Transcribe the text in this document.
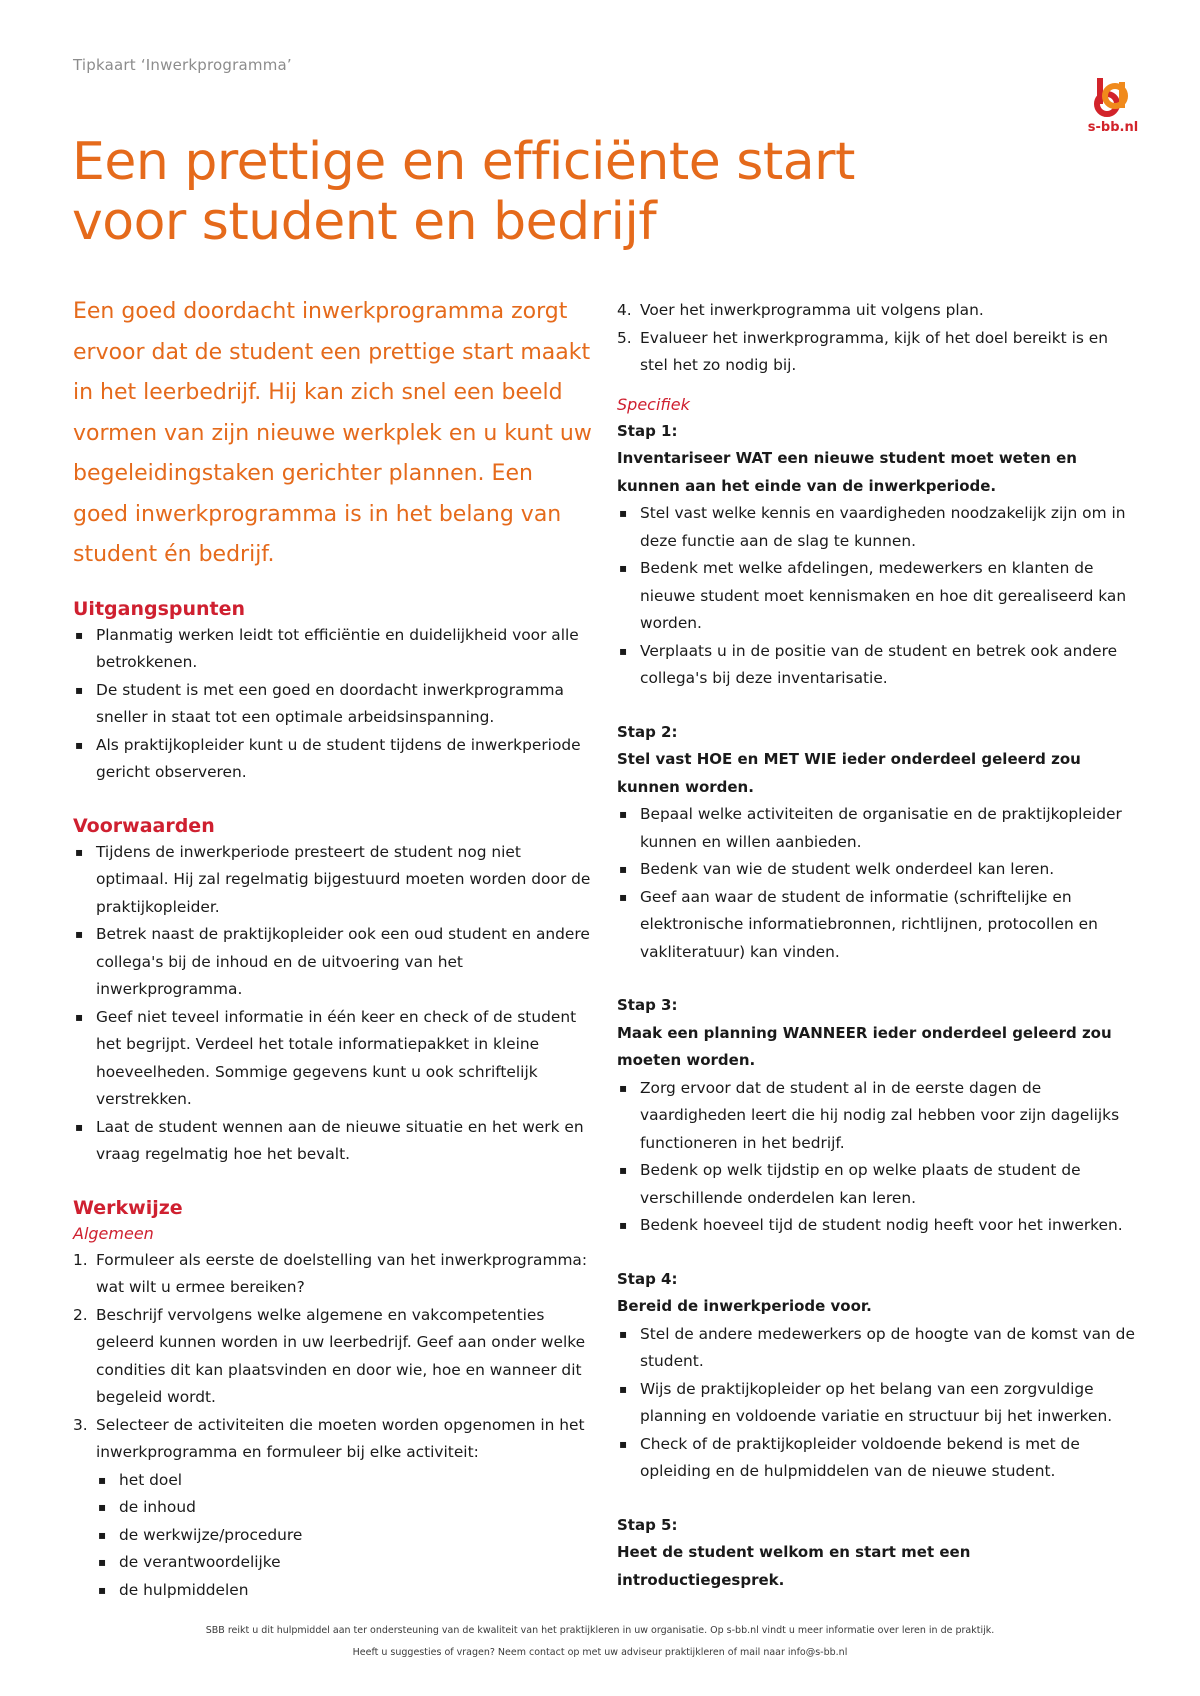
Tipkaart ‘Inwerkprogramma’
s-bb.nl
Een prettige en efficiënte start
voor student en bedrijf

Een goed doordacht inwerkprogramma zorgt ervoor dat de student een prettige start maakt in het leerbedrijf. Hij kan zich snel een beeld vormen van zijn nieuwe werkplek en u kunt uw begeleidingstaken gerichter plannen. Een goed inwerkprogramma is in het belang van student én bedrijf.

Uitgangspunten
▪ Planmatig werken leidt tot efficiëntie en duidelijkheid voor alle betrokkenen.
▪ De student is met een goed en doordacht inwerkprogramma sneller in staat tot een optimale arbeidsinspanning.
▪ Als praktijkopleider kunt u de student tijdens de inwerkperiode gericht observeren.
Voorwaarden
▪ Tijdens de inwerkperiode presteert de student nog niet optimaal. Hij zal regelmatig bijgestuurd moeten worden door de praktijkopleider.
▪ Betrek naast de praktijkopleider ook een oud student en andere collega's bij de inhoud en de uitvoering van het inwerkprogramma.
▪ Geef niet teveel informatie in één keer en check of de student het begrijpt. Verdeel het totale informatiepakket in kleine hoeveelheden. Sommige gegevens kunt u ook schriftelijk verstrekken.
▪ Laat de student wennen aan de nieuwe situatie en het werk en vraag regelmatig hoe het bevalt.
Werkwijze

Algemeen

1. Formuleer als eerste de doelstelling van het inwerkprogramma: wat wilt u ermee bereiken?
2. Beschrijf vervolgens welke algemene en vakcompetenties geleerd kunnen worden in uw leerbedrijf. Geef aan onder welke condities dit kan plaatsvinden en door wie, hoe en wanneer dit begeleid wordt.
3. Selecteer de activiteiten die moeten worden opgenomen in het inwerkprogramma en formuleer bij elke activiteit:
▪ het doel
▪ de inhoud
▪ de werkwijze/procedure
▪ de verantwoordelijke
▪ de hulpmiddelen
4. Voer het inwerkprogramma uit volgens plan.
5. Evalueer het inwerkprogramma, kijk of het doel bereikt is en stel het zo nodig bij.

Specifiek

Stap 1:

Inventariseer WAT een nieuwe student moet weten en kunnen aan het einde van de inwerkperiode.

▪ Stel vast welke kennis en vaardigheden noodzakelijk zijn om in deze functie aan de slag te kunnen.
▪ Bedenk met welke afdelingen, medewerkers en klanten de nieuwe student moet kennismaken en hoe dit gerealiseerd kan worden.
▪ Verplaats u in de positie van de student en betrek ook andere collega's bij deze inventarisatie.

Stap 2:

Stel vast HOE en MET WIE ieder onderdeel geleerd zou kunnen worden.

▪ Bepaal welke activiteiten de organisatie en de praktijkopleider kunnen en willen aanbieden.
▪ Bedenk van wie de student welk onderdeel kan leren.
▪ Geef aan waar de student de informatie (schriftelijke en elektronische informatiebronnen, richtlijnen, protocollen en vakliteratuur) kan vinden.

Stap 3:

Maak een planning WANNEER ieder onderdeel geleerd zou moeten worden.

▪ Zorg ervoor dat de student al in de eerste dagen de vaardigheden leert die hij nodig zal hebben voor zijn dagelijks functioneren in het bedrijf.
▪ Bedenk op welk tijdstip en op welke plaats de student de verschillende onderdelen kan leren.
▪ Bedenk hoeveel tijd de student nodig heeft voor het inwerken.

Stap 4:

Bereid de inwerkperiode voor.

▪ Stel de andere medewerkers op de hoogte van de komst van de student.
▪ Wijs de praktijkopleider op het belang van een zorgvuldige planning en voldoende variatie en structuur bij het inwerken.
▪ Check of de praktijkopleider voldoende bekend is met de opleiding en de hulpmiddelen van de nieuwe student.

Stap 5:

Heet de student welkom en start met een introductiegesprek.

SBB reikt u dit hulpmiddel aan ter ondersteuning van de kwaliteit van het praktijkleren in uw organisatie. Op s-bb.nl vindt u meer informatie over leren in de praktijk.
Heeft u suggesties of vragen? Neem contact op met uw adviseur praktijkleren of mail naar info@s-bb.nl
